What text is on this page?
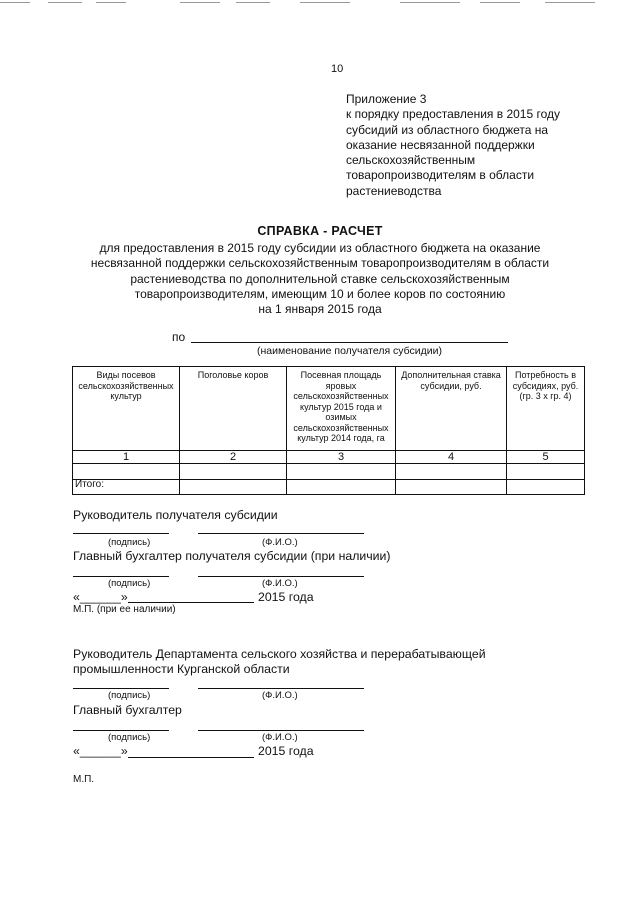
10
Приложение 3
к порядку предоставления в 2015 году
субсидий из областного бюджета на
оказание несвязанной поддержки
сельскохозяйственным
товаропроизводителям в области
растениеводства
СПРАВКА - РАСЧЕТ
для предоставления в 2015 году субсидии из областного бюджета на оказание
несвязанной поддержки сельскохозяйственным товаропроизводителям в области
растениеводства по дополнительной ставке сельскохозяйственным
товаропроизводителям, имеющим 10 и более коров по состоянию
на 1 января 2015 года
по
(наименование получателя субсидии)
Виды посевов сельскохозяйственных культур	Поголовье коров	Посевная площадь яровых сельскохозяйственных культур 2015 года и озимых сельскохозяйственных культур 2014 года, га	Дополнительная ставка субсидии, руб.	Потребность в субсидиях, руб. (гр. 3 х гр. 4)
1	2	3	4	5

Итого:				
Руководитель получателя субсидии
(подпись)	(Ф.И.О.)
Главный бухгалтер получателя субсидии (при наличии)
(подпись)	(Ф.И.О.)
«______»	2015 года
М.П. (при ее наличии)
Руководитель Департамента сельского хозяйства и перерабатывающей
промышленности Курганской области
(подпись)	(Ф.И.О.)
Главный бухгалтер
(подпись)	(Ф.И.О.)
«______»	2015 года
М.П.
